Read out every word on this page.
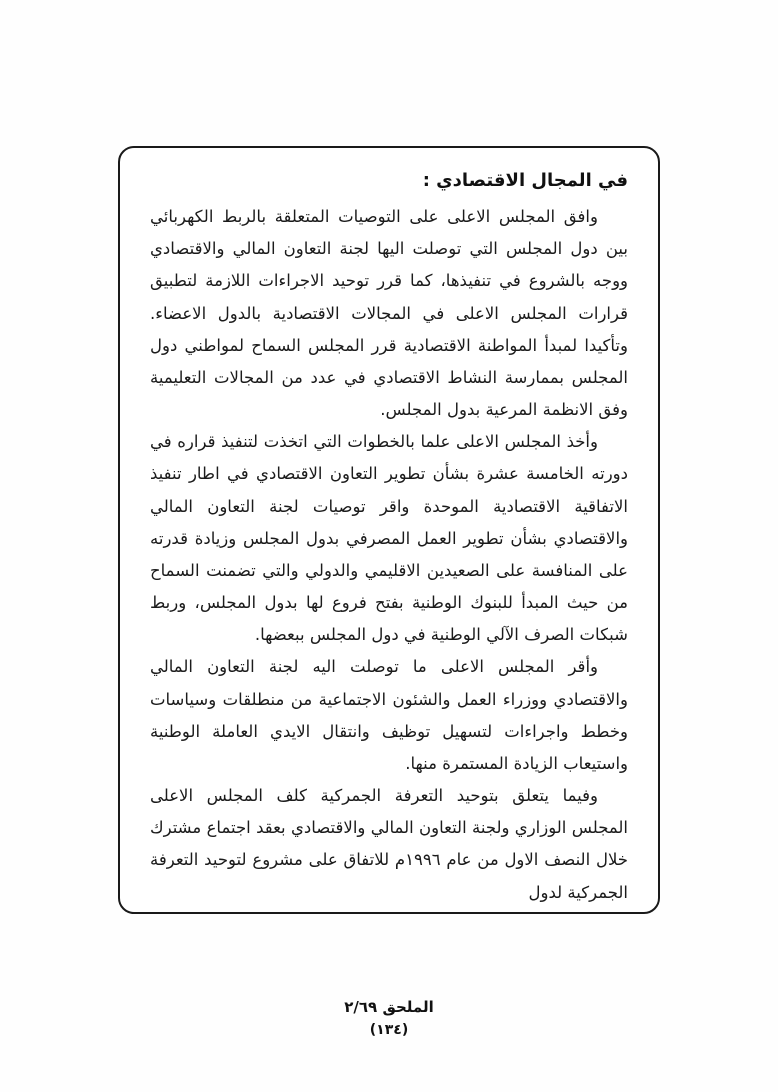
في المجال الاقتصادي :

وافق المجلس الاعلى على التوصيات المتعلقة بالربط الكهربائي بين دول المجلس التي توصلت اليها لجنة التعاون المالي والاقتصادي ووجه بالشروع في تنفيذها، كما قرر توحيد الاجراءات اللازمة لتطبيق قرارات المجلس الاعلى في المجالات الاقتصادية بالدول الاعضاء. وتأكيدا لمبدأ المواطنة الاقتصادية قرر المجلس السماح لمواطني دول المجلس بممارسة النشاط الاقتصادي في عدد من المجالات التعليمية وفق الانظمة المرعية بدول المجلس.

وأخذ المجلس الاعلى علما بالخطوات التي اتخذت لتنفيذ قراره في دورته الخامسة عشرة بشأن تطوير التعاون الاقتصادي في اطار تنفيذ الاتفاقية الاقتصادية الموحدة واقر توصيات لجنة التعاون المالي والاقتصادي بشأن تطوير العمل المصرفي بدول المجلس وزيادة قدرته على المنافسة على الصعيدين الاقليمي والدولي والتي تضمنت السماح من حيث المبدأ للبنوك الوطنية بفتح فروع لها بدول المجلس، وربط شبكات الصرف الآلي الوطنية في دول المجلس ببعضها.

وأقر المجلس الاعلى ما توصلت اليه لجنة التعاون المالي والاقتصادي ووزراء العمل والشئون الاجتماعية من منطلقات وسياسات وخطط واجراءات لتسهيل توظيف وانتقال الايدي العاملة الوطنية واستيعاب الزيادة المستمرة منها.

وفيما يتعلق بتوحيد التعرفة الجمركية كلف المجلس الاعلى المجلس الوزاري ولجنة التعاون المالي والاقتصادي بعقد اجتماع مشترك خلال النصف الاول من عام ١٩٩٦م للاتفاق على مشروع لتوحيد التعرفة الجمركية لدول

الملحق ٢/٦٩
(١٣٤)
